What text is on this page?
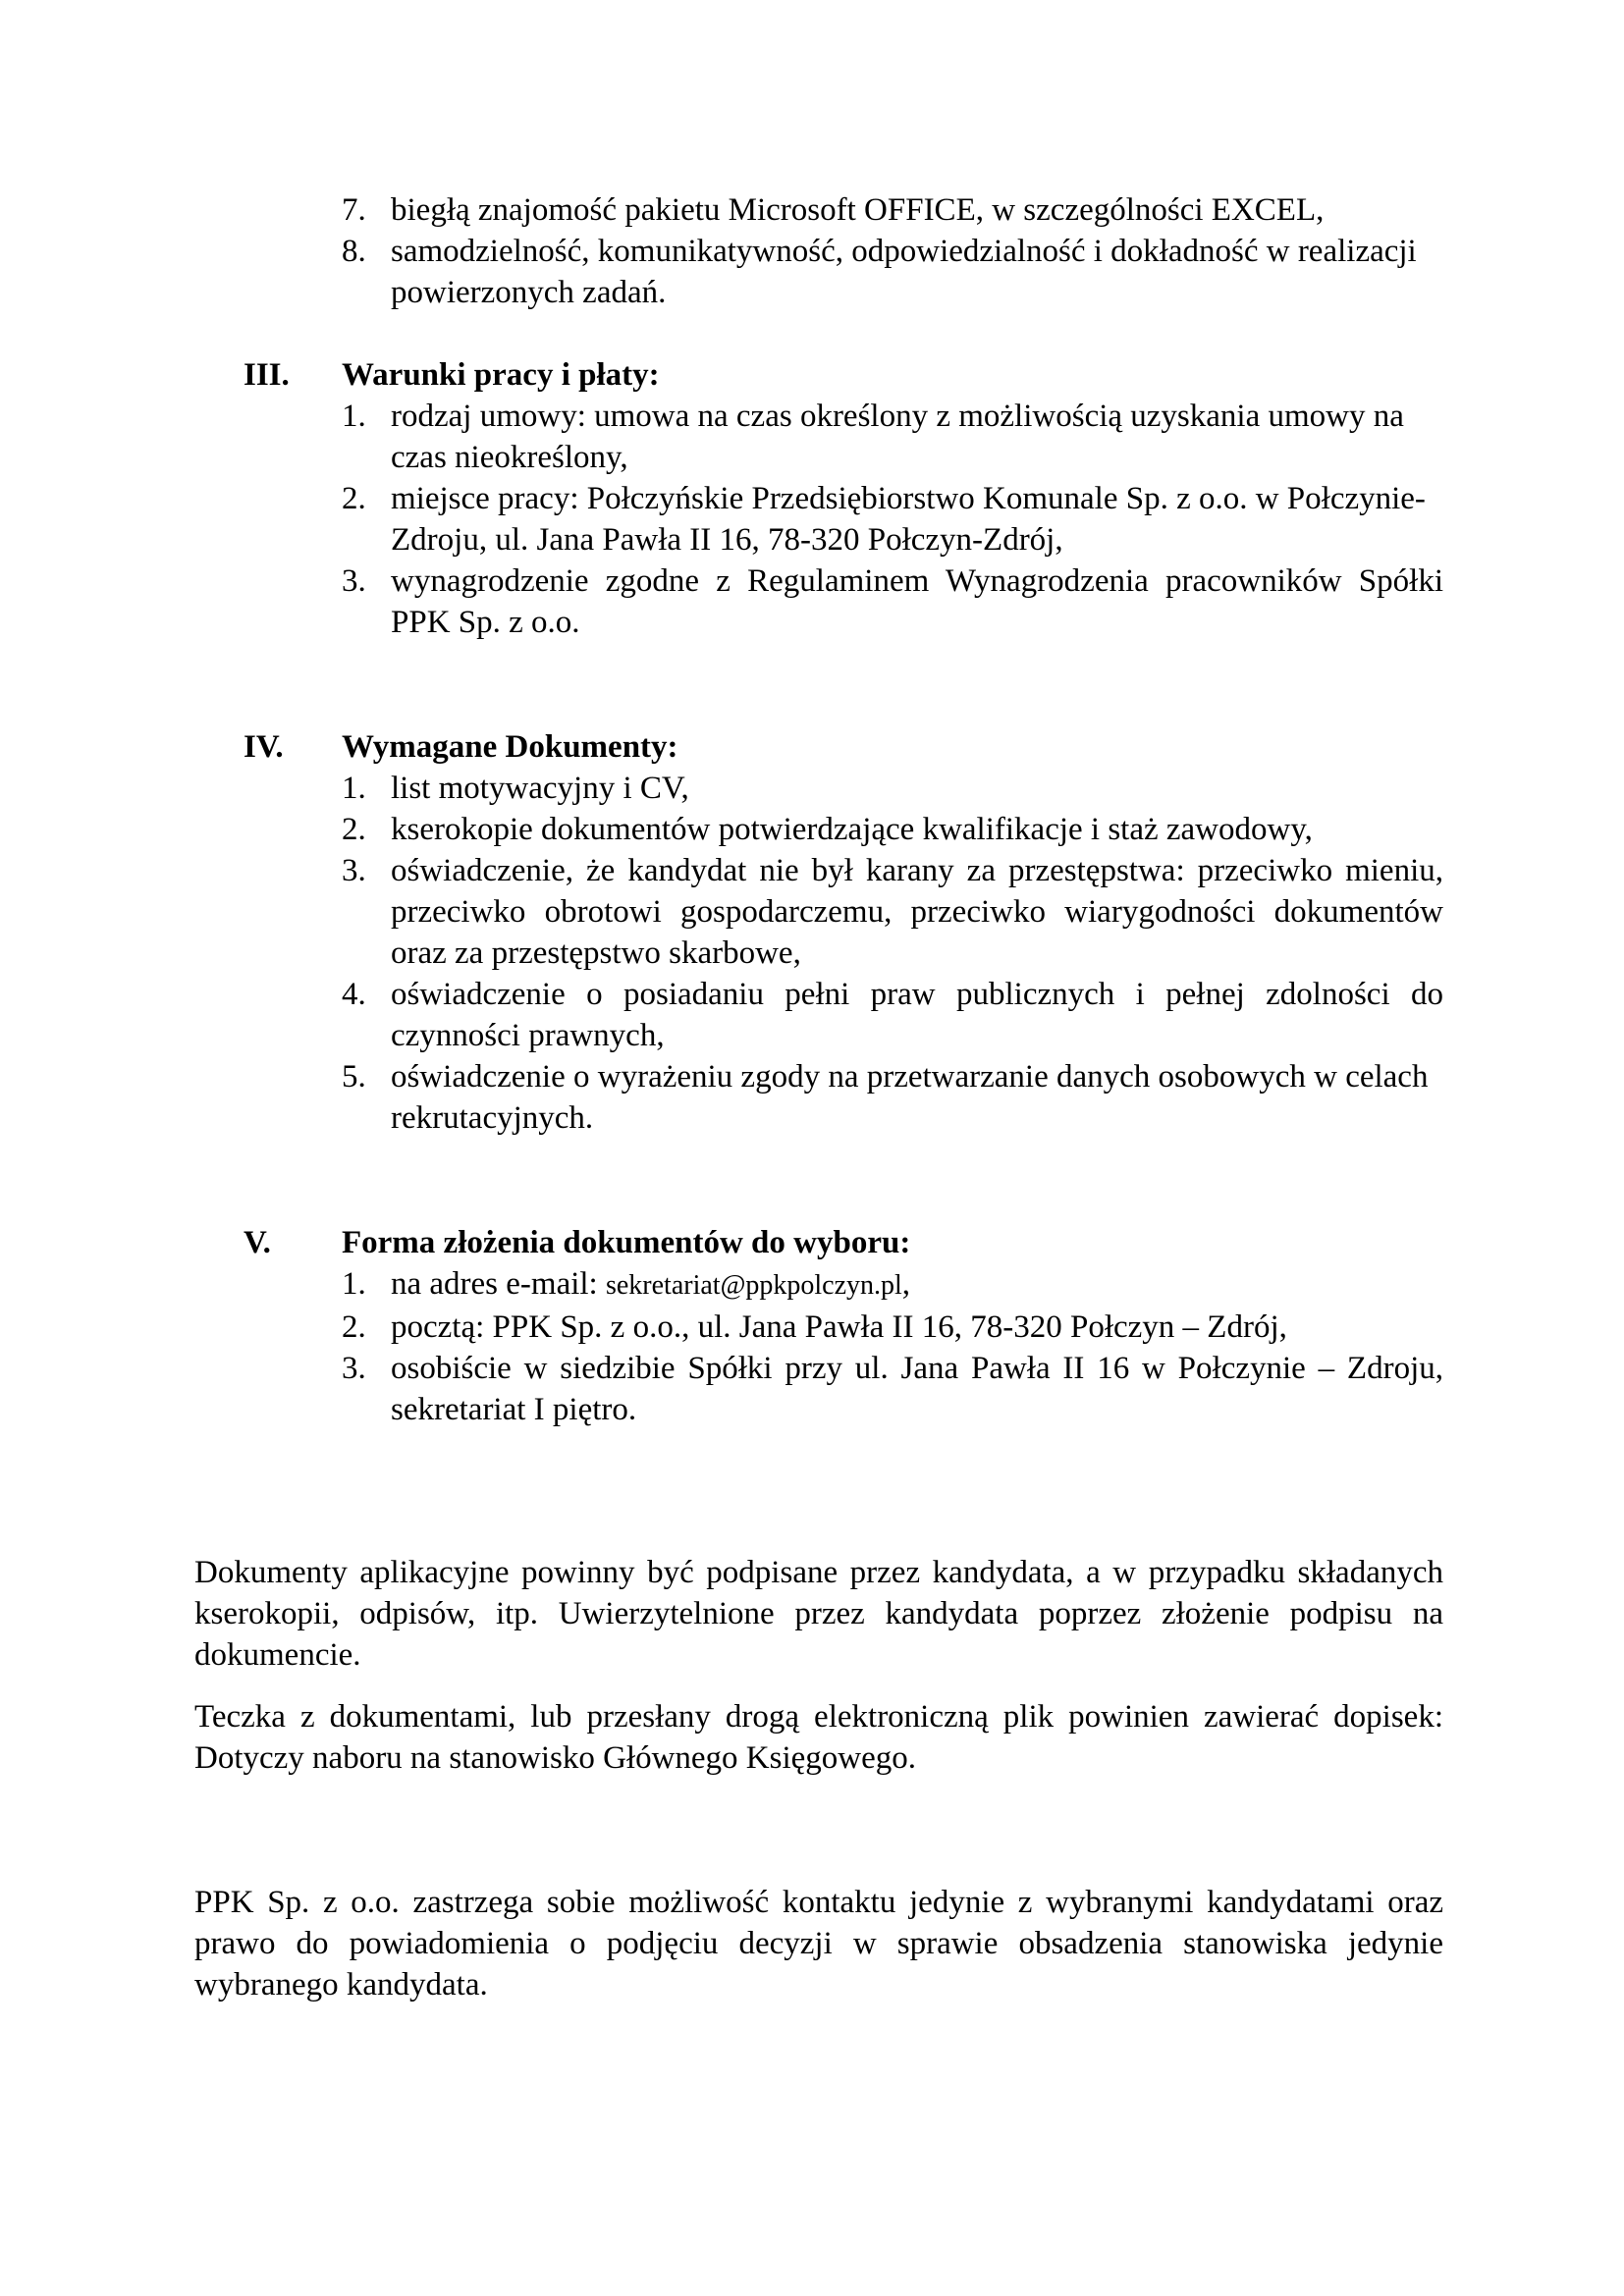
7. biegłą znajomość pakietu Microsoft OFFICE, w szczególności EXCEL,
8. samodzielność, komunikatywność, odpowiedzialność i dokładność w realizacji powierzonych zadań.
III. Warunki pracy i płaty:
1. rodzaj umowy: umowa na czas określony z możliwością uzyskania umowy na czas nieokreślony,
2. miejsce pracy: Połczyńskie Przedsiębiorstwo Komunale Sp. z o.o. w Połczynie-Zdroju, ul. Jana Pawła II 16, 78-320 Połczyn-Zdrój,
3. wynagrodzenie zgodne z Regulaminem Wynagrodzenia pracowników Spółki PPK Sp. z o.o.
IV. Wymagane Dokumenty:
1. list motywacyjny i CV,
2. kserokopie dokumentów potwierdzające kwalifikacje i staż zawodowy,
3. oświadczenie, że kandydat nie był karany za przestępstwa: przeciwko mieniu, przeciwko obrotowi gospodarczemu, przeciwko wiarygodności dokumentów oraz za przestępstwo skarbowe,
4. oświadczenie o posiadaniu pełni praw publicznych i pełnej zdolności do czynności prawnych,
5. oświadczenie o wyrażeniu zgody na przetwarzanie danych osobowych w celach rekrutacyjnych.
V. Forma złożenia dokumentów do wyboru:
1. na adres e-mail: sekretariat@ppkpolczyn.pl,
2. pocztą: PPK Sp. z o.o., ul. Jana Pawła II 16, 78-320 Połczyn – Zdrój,
3. osobiście w siedzibie Spółki przy ul. Jana Pawła II 16 w Połczynie – Zdroju, sekretariat I piętro.

Dokumenty aplikacyjne powinny być podpisane przez kandydata, a w przypadku składanych kserokopii, odpisów, itp. Uwierzytelnione przez kandydata poprzez złożenie podpisu na dokumencie.

Teczka z dokumentami, lub przesłany drogą elektroniczną plik powinien zawierać dopisek: Dotyczy naboru na stanowisko Głównego Księgowego.

PPK Sp. z o.o. zastrzega sobie możliwość kontaktu jedynie z wybranymi kandydatami oraz prawo do powiadomienia o podjęciu decyzji w sprawie obsadzenia stanowiska jedynie wybranego kandydata.
